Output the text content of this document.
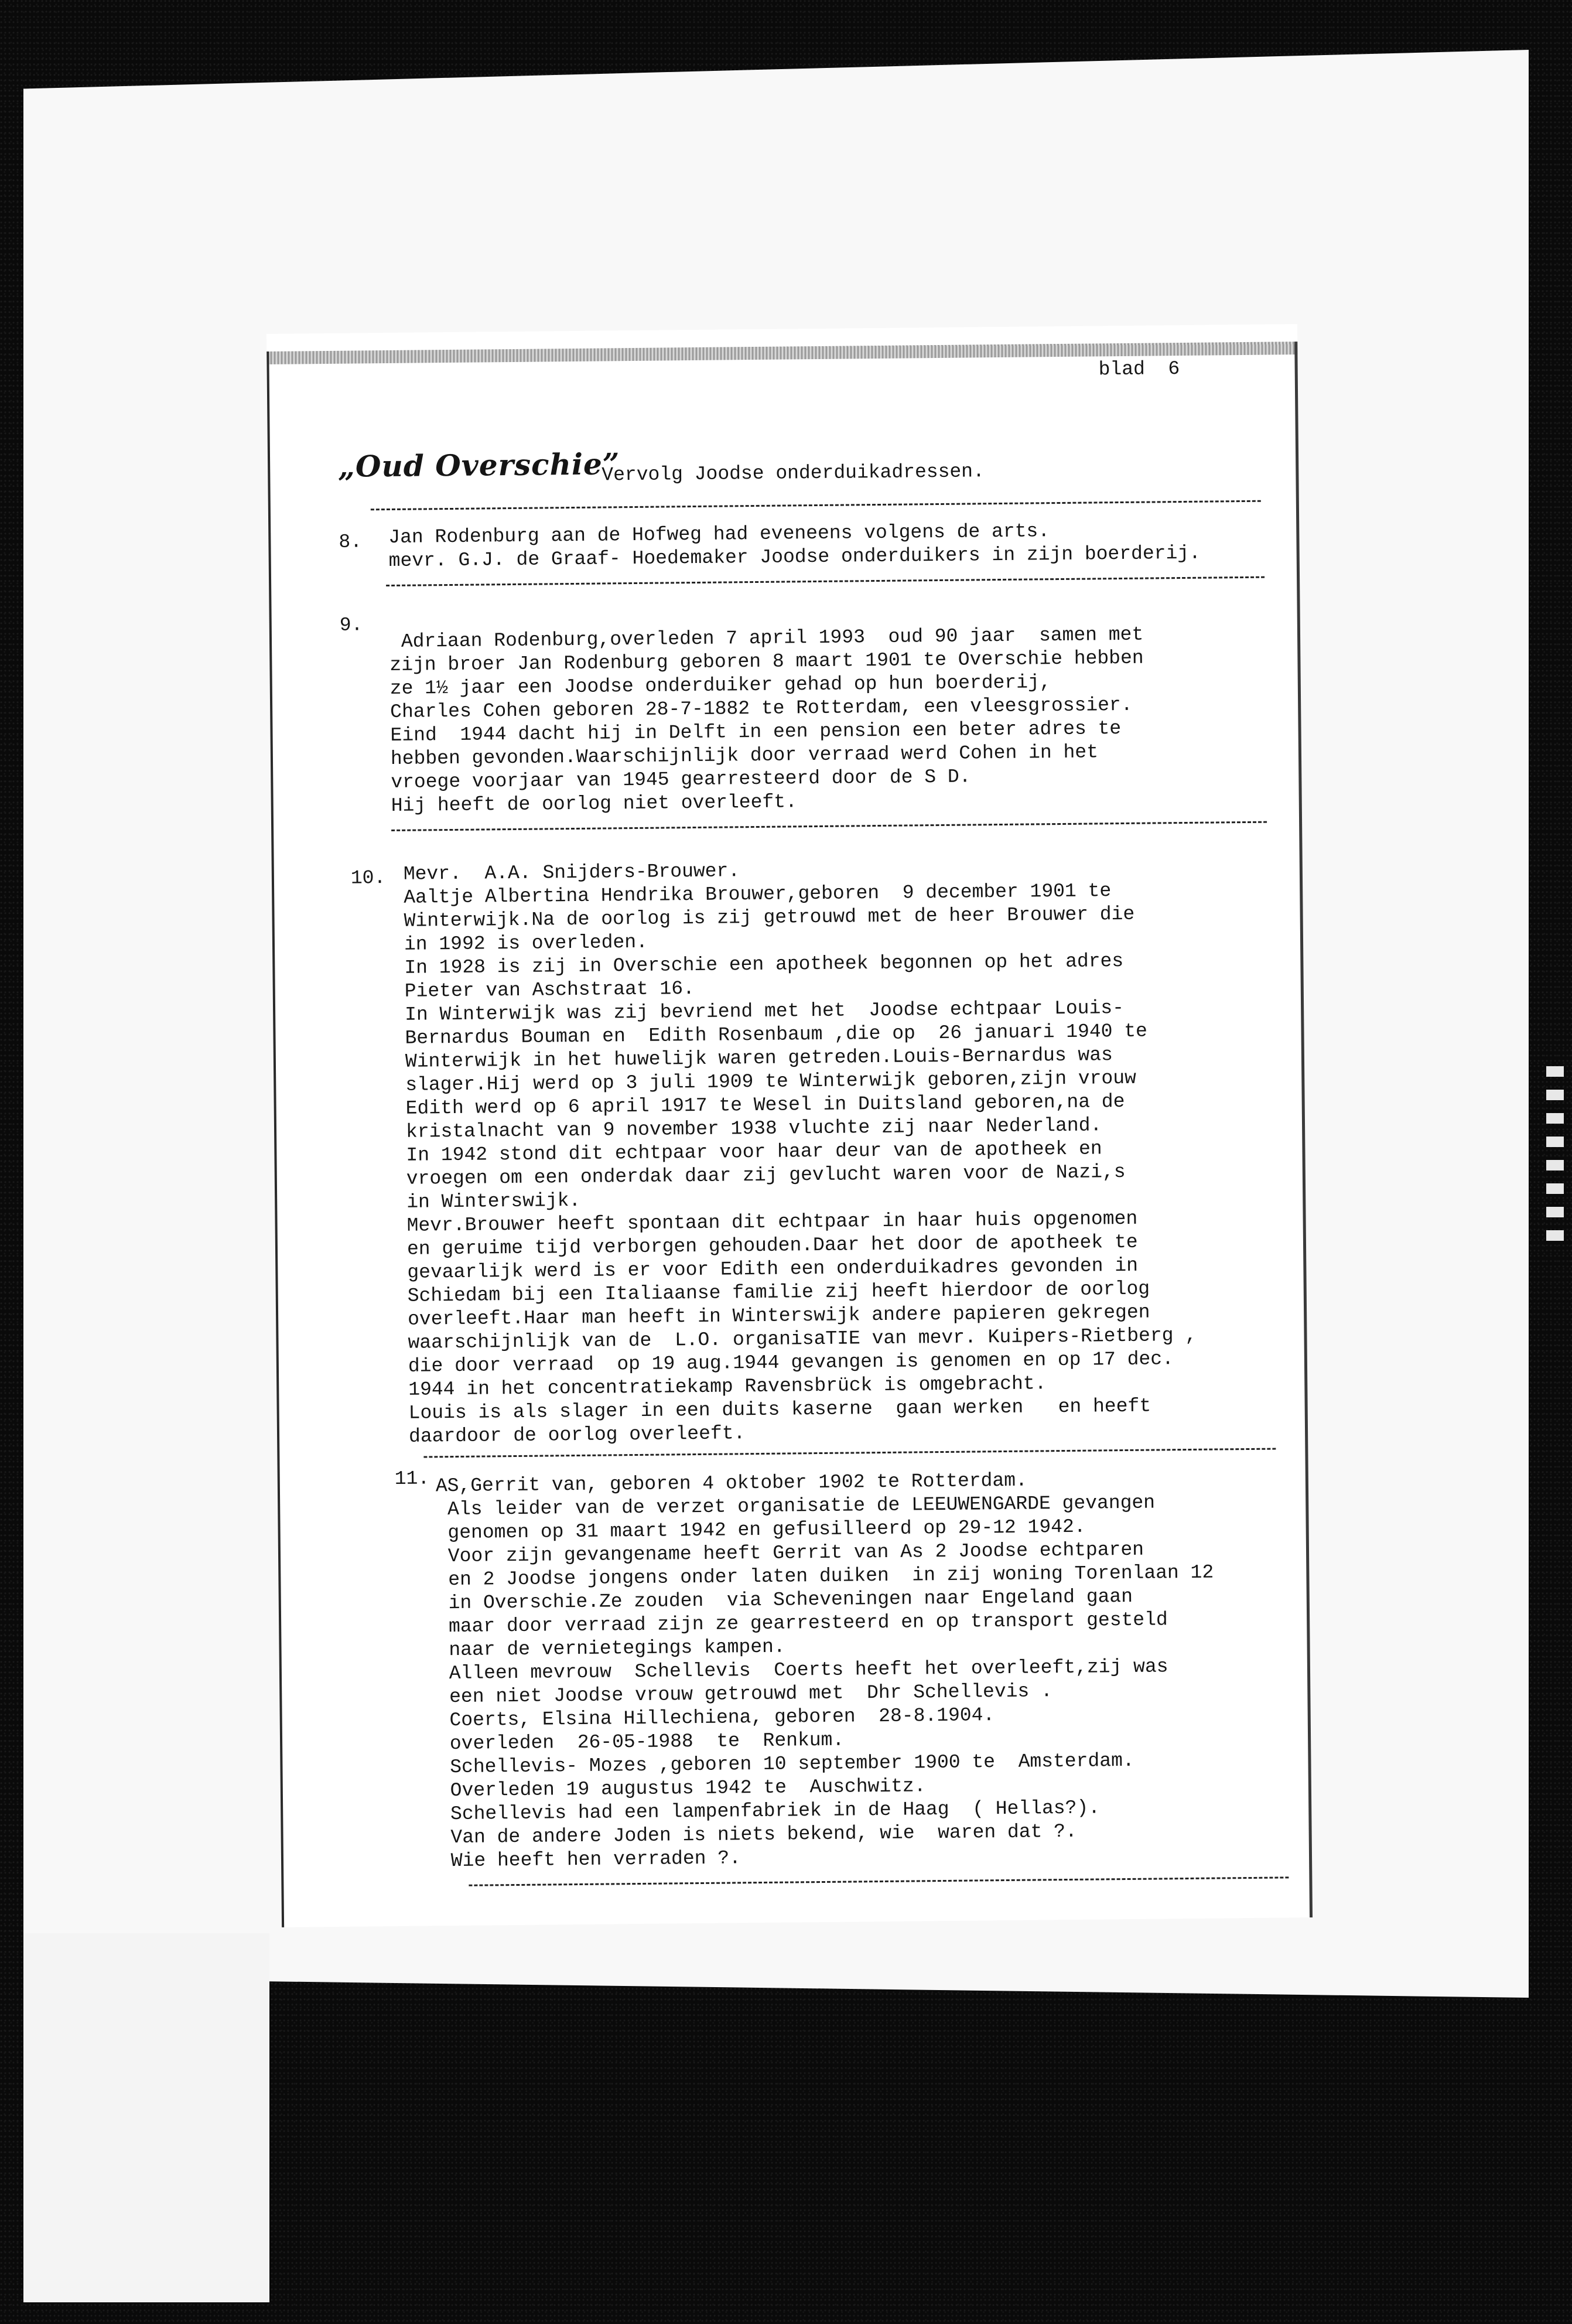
blad  6
„Oud Overschie”
Vervolg Joodse onderduikadressen.
8. Jan Rodenburg aan de Hofweg had eveneens volgens de arts.
mevr. G.J. de Graaf- Hoedemaker Joodse onderduikers in zijn boerderij.
9. Adriaan Rodenburg,overleden 7 april 1993  oud 90 jaar  samen met
zijn broer Jan Rodenburg geboren 8 maart 1901 te Overschie hebben
ze 1½ jaar een Joodse onderduiker gehad op hun boerderij,
Charles Cohen geboren 28-7-1882 te Rotterdam, een vleesgrossier.
Eind  1944 dacht hij in Delft in een pension een beter adres te
hebben gevonden.Waarschijnlijk door verraad werd Cohen in het
vroege voorjaar van 1945 gearresteerd door de S D.
Hij heeft de oorlog niet overleeft.
10. Mevr.  A.A. Snijders-Brouwer.
Aaltje Albertina Hendrika Brouwer,geboren  9 december 1901 te
Winterwijk.Na de oorlog is zij getrouwd met de heer Brouwer die
in 1992 is overleden.
In 1928 is zij in Overschie een apotheek begonnen op het adres
Pieter van Aschstraat 16.
In Winterwijk was zij bevriend met het  Joodse echtpaar Louis-
Bernardus Bouman en  Edith Rosenbaum ,die op  26 januari 1940 te
Winterwijk in het huwelijk waren getreden.Louis-Bernardus was
slager.Hij werd op 3 juli 1909 te Winterwijk geboren,zijn vrouw
Edith werd op 6 april 1917 te Wesel in Duitsland geboren,na de
kristalnacht van 9 november 1938 vluchte zij naar Nederland.
In 1942 stond dit echtpaar voor haar deur van de apotheek en
vroegen om een onderdak daar zij gevlucht waren voor de Nazi,s
in Winterswijk.
Mevr.Brouwer heeft spontaan dit echtpaar in haar huis opgenomen
en geruime tijd verborgen gehouden.Daar het door de apotheek te
gevaarlijk werd is er voor Edith een onderduikadres gevonden in
Schiedam bij een Italiaanse familie zij heeft hierdoor de oorlog
overleeft.Haar man heeft in Winterswijk andere papieren gekregen
waarschijnlijk van de  L.O. organisaTIE van mevr. Kuipers-Rietberg ,
die door verraad  op 19 aug.1944 gevangen is genomen en op 17 dec.
1944 in het concentratiekamp Ravensbrück is omgebracht.
Louis is als slager in een duits kaserne  gaan werken   en heeft
daardoor de oorlog overleeft.
11. AS,Gerrit van, geboren 4 oktober 1902 te Rotterdam.
Als leider van de verzet organisatie de LEEUWENGARDE gevangen
genomen op 31 maart 1942 en gefusilleerd op 29-12 1942.
Voor zijn gevangename heeft Gerrit van As 2 Joodse echtparen
en 2 Joodse jongens onder laten duiken  in zij woning Torenlaan 12
in Overschie.Ze zouden  via Scheveningen naar Engeland gaan
maar door verraad zijn ze gearresteerd en op transport gesteld
naar de vernietegings kampen.
Alleen mevrouw  Schellevis  Coerts heeft het overleeft,zij was
een niet Joodse vrouw getrouwd met  Dhr Schellevis .
Coerts, Elsina Hillechiena, geboren  28-8.1904.
overleden  26-05-1988  te  Renkum.
Schellevis- Mozes ,geboren 10 september 1900 te  Amsterdam.
Overleden 19 augustus 1942 te  Auschwitz.
Schellevis had een lampenfabriek in de Haag  ( Hellas?).
Van de andere Joden is niets bekend, wie  waren dat ?.
Wie heeft hen verraden ?.
